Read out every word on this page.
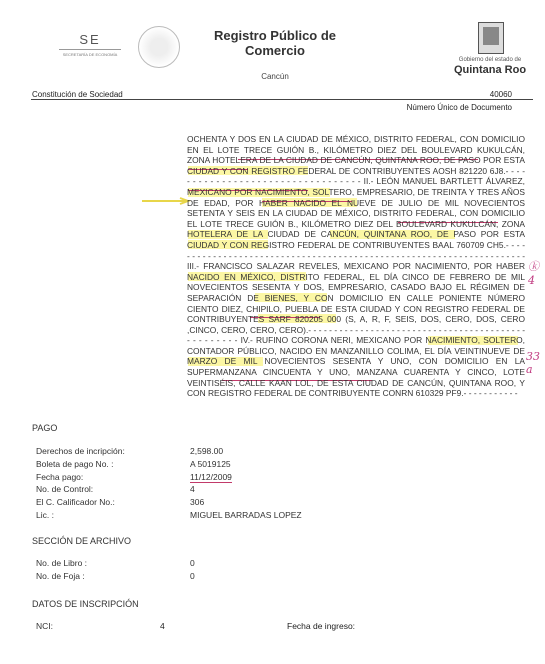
SE
SECRETARÍA DE ECONOMÍA
Registro Público de Comercio
Cancún
Gobierno del estado de
Quintana Roo
Constitución de Sociedad	40060
Número Único de Documento
OCHENTA Y DOS EN LA CIUDAD DE MÉXICO, DISTRITO FEDERAL, CON DOMICILIO EN EL LOTE TRECE GUIÓN B., KILÓMETRO DIEZ DEL BOULEVARD KUKULCÁN, ZONA HOTELERA DE LA CIUDAD DE CANCÚN, QUINTANA ROO, DE PASO POR ESTA CIUDAD Y CON REGISTRO FEDERAL DE CONTRIBUYENTES AOSH 821220 6J8.- - - - - - - - - - - - - - - - - - - - - - - - - - - - - - - - - - II.- LEÓN MANUEL BARTLETT ÁLVAREZ, MEXICANO POR NACIMIENTO, SOLTERO, EMPRESARIO, DE TREINTA Y TRES AÑOS DE EDAD, POR HABER NACIDO EL NUEVE DE JULIO DE MIL NOVECIENTOS SETENTA Y SEIS EN LA CIUDAD DE MÉXICO, DISTRITO FEDERAL, CON DOMICILIO EL LOTE TRECE GUIÓN B., KILÓMETRO DIEZ DEL BOULEVARD KUKULCÁN, ZONA HOTELERA DE LA CIUDAD DE CANCÚN, QUINTANA ROO, DE PASO POR ESTA CIUDAD Y CON REGISTRO FEDERAL DE CONTRIBUYENTES BAAL 760709 CH5.- - - - - - - - - - - - - - - - - - - - - - - - - - - - - - - - - - - - - - - - - - - - - - - - - - - - - - - - - - - - - - - - - - - - - III.- FRANCISCO SALAZAR REVELES, MEXICANO POR NACIMIENTO, POR HABER NACIDO EN MÉXICO, DISTRITO FEDERAL, EL DÍA CINCO DE FEBRERO DE MIL NOVECIENTOS SESENTA Y DOS, EMPRESARIO, CASADO BAJO EL RÉGIMEN DE SEPARACIÓN DE BIENES, Y CON DOMICILIO EN CALLE PONIENTE NÚMERO CIENTO DIEZ, CHIPILO, PUEBLA DE ESTA CIUDAD Y CON REGISTRO FEDERAL DE CONTRIBUYENTES SARF 820205 000 (S, A, R, F, SEIS, DOS, CERO, DOS, CERO ,CINCO, CERO, CERO, CERO).- - - - - - - - - - - - - - - - - - - - - - - - - - - - - - - - - - - - - - - - - - - - - - - - - - - IV.- RUFINO CORONA NERI, MEXICANO POR NACIMIENTO, SOLTERO, CONTADOR PÚBLICO, NACIDO EN MANZANILLO COLIMA, EL DÍA VEINTINUEVE DE MARZO DE MIL NOVECIENTOS SESENTA Y UNO, CON DOMICILIO EN LA SUPERMANZANA CINCUENTA Y UNO, MANZANA CUARENTA Y CINCO, LOTE VEINTISÉIS, CALLE KAAN LOL, DE ESTA CIUDAD DE CANCÚN, QUINTANA ROO, Y CON REGISTRO FEDERAL DE CONTRIBUYENTE CONRN 610329 PF9.- - - - - - - - - - -
ⓚ
4
33
a
PAGO
Derechos de incripción:	2,598.00
Boleta de pago No. :	A 5019125
Fecha pago:	11/12/2009
No. de Control:	4
El C. Calificador No.:	306
Lic. :	MIGUEL BARRADAS LOPEZ
SECCIÓN DE ARCHIVO
No. de Libro :	0
No. de Foja :	0
DATOS DE INSCRIPCIÓN
NCI:	4	Fecha de ingreso:
